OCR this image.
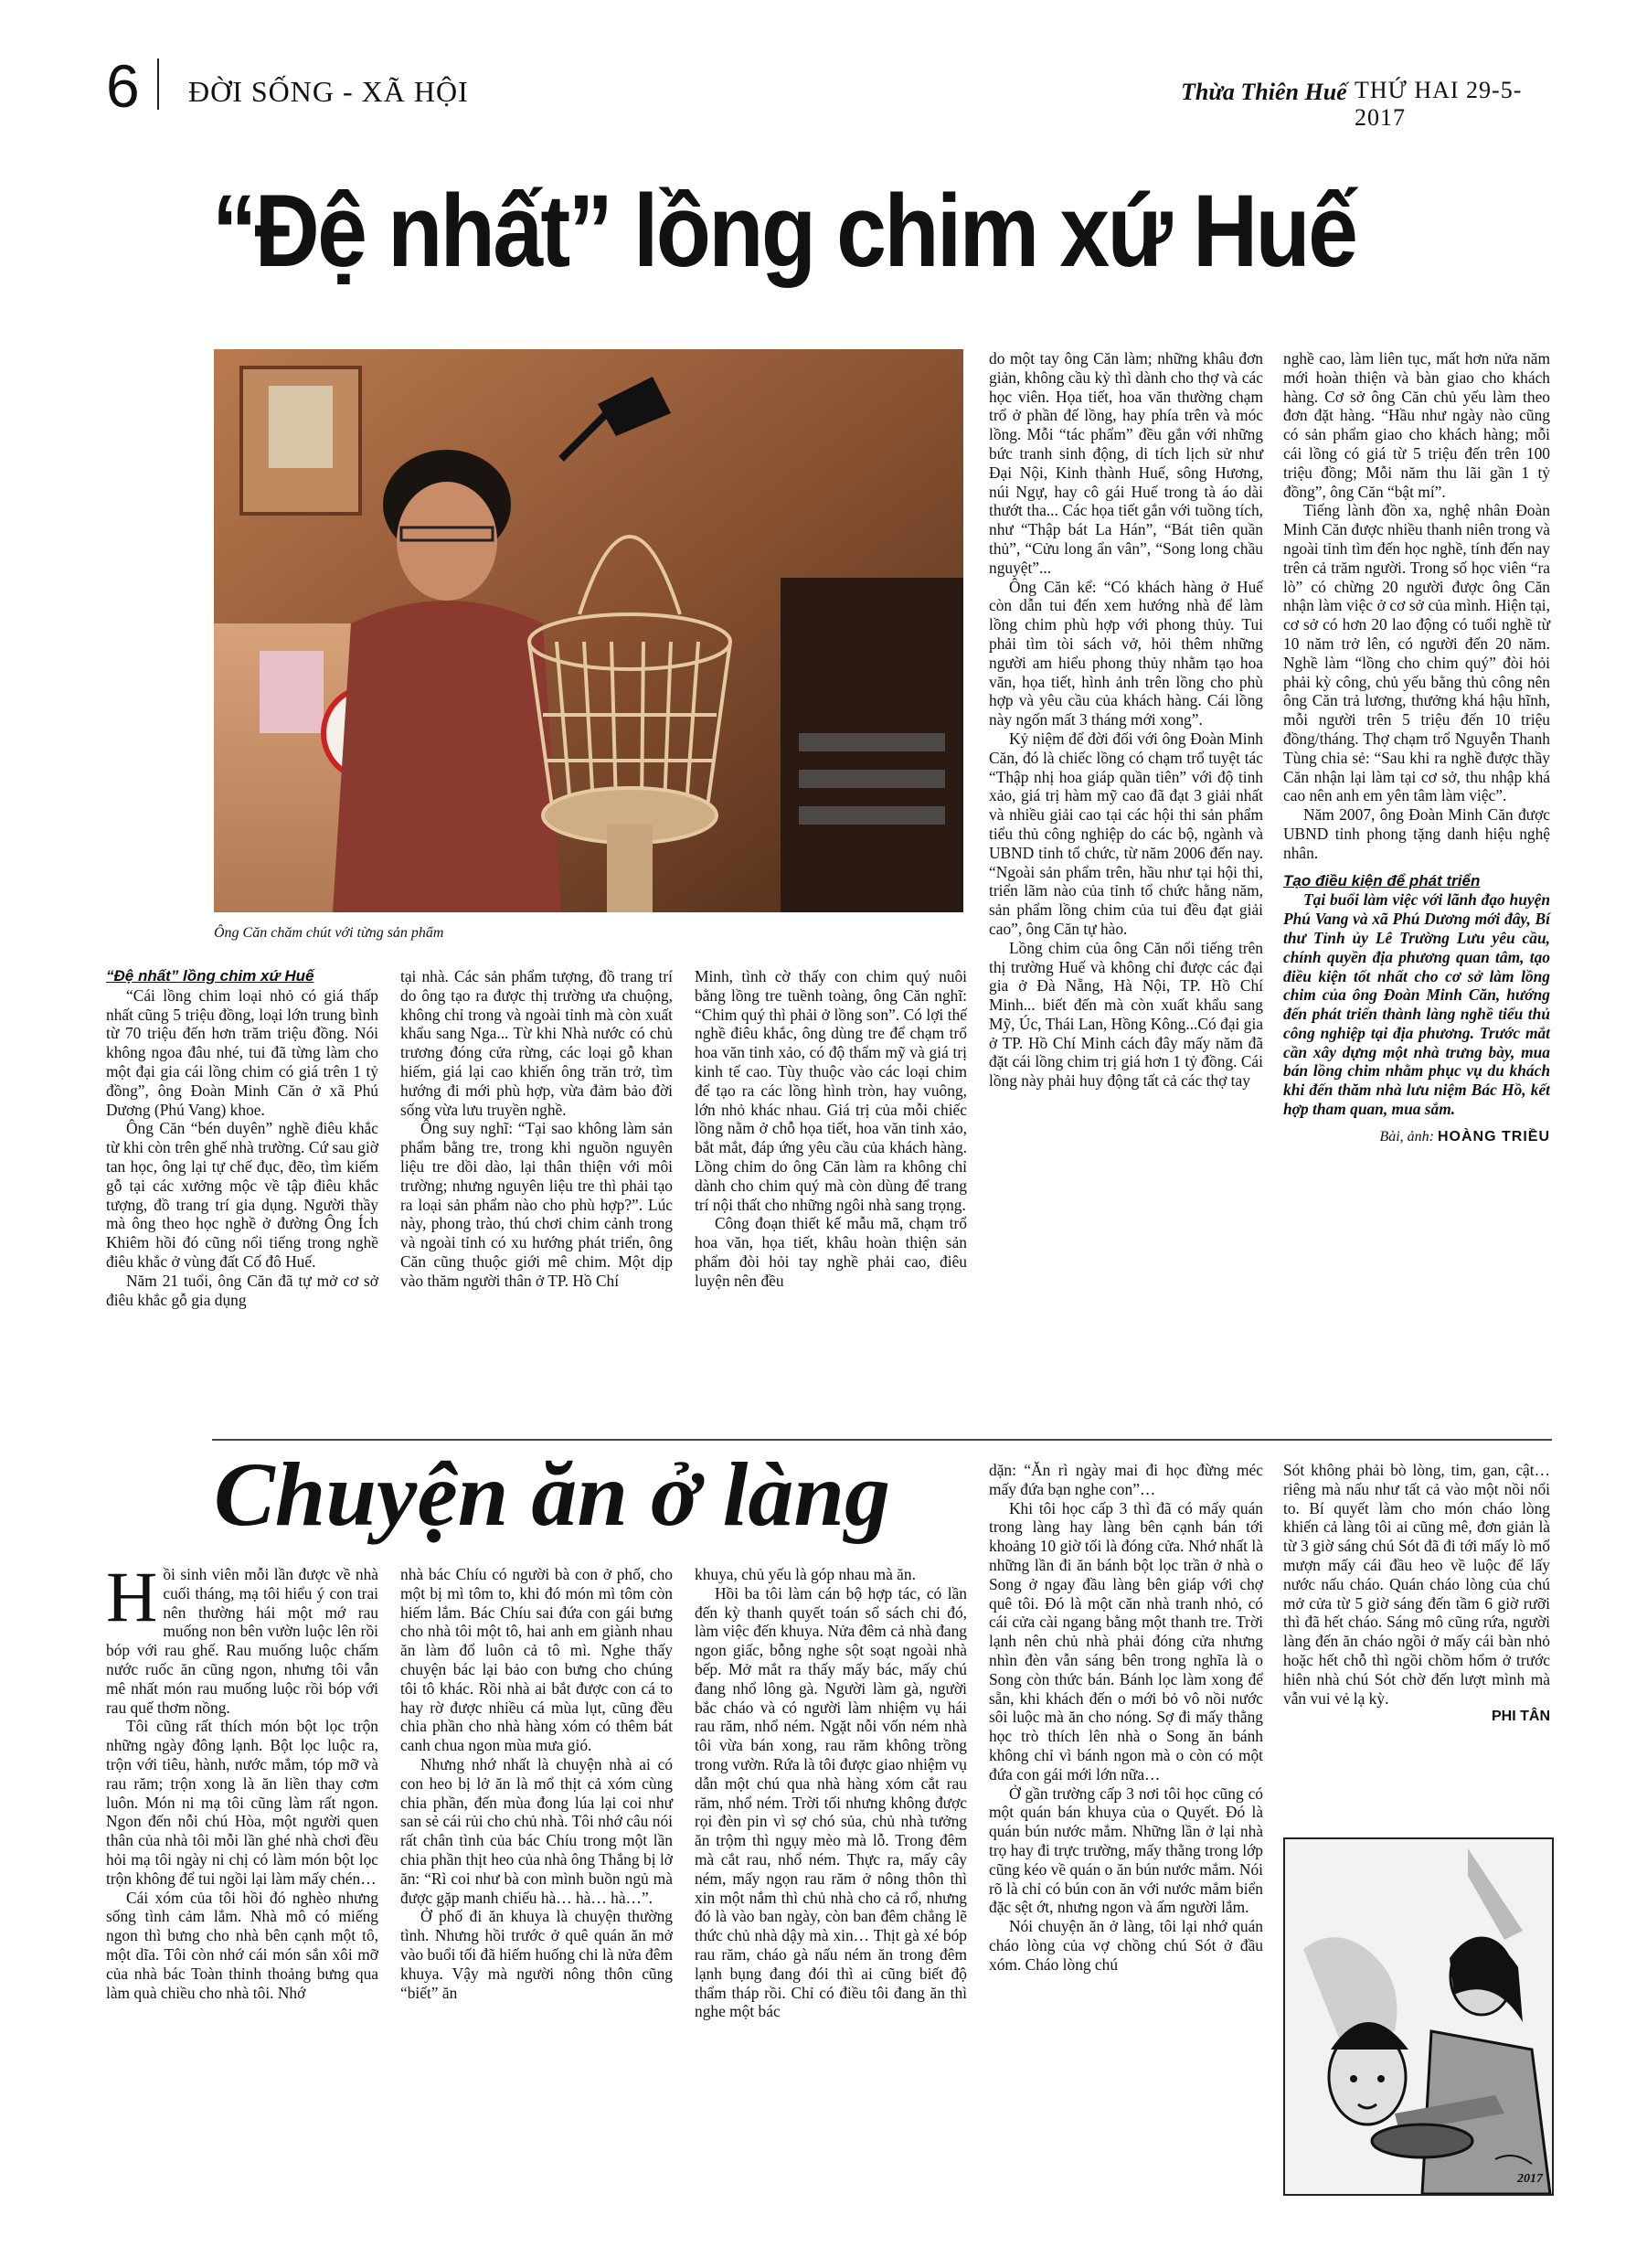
6 ĐỜI SỐNG - XÃ HỘI	Thừa Thiên Huế THỨ HAI 29-5-2017
“Đệ nhất” lồng chim xứ Huế
Ông Căn chăm chút với từng sản phẩm
“Đệ nhất” lồng chim xứ Huế

“Cái lồng chim loại nhỏ có giá thấp nhất cũng 5 triệu đồng, loại lớn trung bình từ 70 triệu đến hơn trăm triệu đồng. Nói không ngoa đâu nhé, tui đã từng làm cho một đại gia cái lồng chim có giá trên 1 tỷ đồng”, ông Đoàn Minh Căn ở xã Phú Dương (Phú Vang) khoe.

Ông Căn “bén duyên” nghề điêu khắc từ khi còn trên ghế nhà trường. Cứ sau giờ tan học, ông lại tự chế đục, đẽo, tìm kiếm gỗ tại các xưởng mộc về tập điêu khắc tượng, đồ trang trí gia dụng. Người thầy mà ông theo học nghề ở đường Ông Ích Khiêm hồi đó cũng nổi tiếng trong nghề điêu khắc ở vùng đất Cố đô Huế.

Năm 21 tuổi, ông Căn đã tự mở cơ sở điêu khắc gỗ gia dụng

tại nhà. Các sản phẩm tượng, đồ trang trí do ông tạo ra được thị trường ưa chuộng, không chỉ trong và ngoài tỉnh mà còn xuất khẩu sang Nga... Từ khi Nhà nước có chủ trương đóng cửa rừng, các loại gỗ khan hiếm, giá lại cao khiến ông trăn trở, tìm hướng đi mới phù hợp, vừa đảm bảo đời sống vừa lưu truyền nghề.

Ông suy nghĩ: “Tại sao không làm sản phẩm bằng tre, trong khi nguồn nguyên liệu tre dồi dào, lại thân thiện với môi trường; nhưng nguyên liệu tre thì phải tạo ra loại sản phẩm nào cho phù hợp?”. Lúc này, phong trào, thú chơi chim cảnh trong và ngoài tỉnh có xu hướng phát triển, ông Căn cũng thuộc giới mê chim. Một dịp vào thăm người thân ở TP. Hồ Chí

Minh, tình cờ thấy con chim quý nuôi bằng lồng tre tuềnh toàng, ông Căn nghĩ: “Chim quý thì phải ở lồng son”. Có lợi thế nghề điêu khắc, ông dùng tre để chạm trổ hoa văn tinh xảo, có độ thẩm mỹ và giá trị kinh tế cao. Tùy thuộc vào các loại chim để tạo ra các lồng hình tròn, hay vuông, lớn nhỏ khác nhau. Giá trị của mỗi chiếc lồng nằm ở chỗ họa tiết, hoa văn tinh xảo, bắt mắt, đáp ứng yêu cầu của khách hàng. Lồng chim do ông Căn làm ra không chỉ dành cho chim quý mà còn dùng để trang trí nội thất cho những ngôi nhà sang trọng.

Công đoạn thiết kế mẫu mã, chạm trổ hoa văn, họa tiết, khâu hoàn thiện sản phẩm đòi hỏi tay nghề phải cao, điêu luyện nên đều

do một tay ông Căn làm; những khâu đơn giản, không cầu kỳ thì dành cho thợ và các học viên. Họa tiết, hoa văn thường chạm trổ ở phần đế lồng, hay phía trên và móc lồng. Mỗi “tác phẩm” đều gắn với những bức tranh sinh động, di tích lịch sử như Đại Nội, Kinh thành Huế, sông Hương, núi Ngự, hay cô gái Huế trong tà áo dài thướt tha... Các họa tiết gắn với tuồng tích, như “Thập bát La Hán”, “Bát tiên quần thủ”, “Cửu long ẩn vân”, “Song long chầu nguyệt”...

Ông Căn kể: “Có khách hàng ở Huế còn dẫn tui đến xem hướng nhà để làm lồng chim phù hợp với phong thủy. Tui phải tìm tòi sách vở, hỏi thêm những người am hiểu phong thủy nhằm tạo hoa văn, họa tiết, hình ảnh trên lồng cho phù hợp và yêu cầu của khách hàng. Cái lồng này ngốn mất 3 tháng mới xong”.

Kỷ niệm để đời đối với ông Đoàn Minh Căn, đó là chiếc lồng có chạm trổ tuyệt tác “Thập nhị hoa giáp quần tiên” với độ tinh xảo, giá trị hàm mỹ cao đã đạt 3 giải nhất và nhiều giải cao tại các hội thi sản phẩm tiểu thủ công nghiệp do các bộ, ngành và UBND tỉnh tổ chức, từ năm 2006 đến nay. “Ngoài sản phẩm trên, hầu như tại hội thi, triển lãm nào của tỉnh tổ chức hằng năm, sản phẩm lồng chim của tui đều đạt giải cao”, ông Căn tự hào.

Lồng chim của ông Căn nổi tiếng trên thị trường Huế và không chỉ được các đại gia ở Đà Nẵng, Hà Nội, TP. Hồ Chí Minh... biết đến mà còn xuất khẩu sang Mỹ, Úc, Thái Lan, Hồng Kông...Có đại gia ở TP. Hồ Chí Minh cách đây mấy năm đã đặt cái lồng chim trị giá hơn 1 tỷ đồng. Cái lồng này phải huy động tất cả các thợ tay

nghề cao, làm liên tục, mất hơn nửa năm mới hoàn thiện và bàn giao cho khách hàng. Cơ sở ông Căn chủ yếu làm theo đơn đặt hàng. “Hầu như ngày nào cũng có sản phẩm giao cho khách hàng; mỗi cái lồng có giá từ 5 triệu đến trên 100 triệu đồng; Mỗi năm thu lãi gần 1 tỷ đồng”, ông Căn “bật mí”.

Tiếng lành đồn xa, nghệ nhân Đoàn Minh Căn được nhiều thanh niên trong và ngoài tỉnh tìm đến học nghề, tính đến nay trên cả trăm người. Trong số học viên “ra lò” có chừng 20 người được ông Căn nhận làm việc ở cơ sở của mình. Hiện tại, cơ sở có hơn 20 lao động có tuổi nghề từ 10 năm trở lên, có người đến 20 năm. Nghề làm “lồng cho chim quý” đòi hỏi phải kỳ công, chủ yếu bằng thủ công nên ông Căn trả lương, thưởng khá hậu hĩnh, mỗi người trên 5 triệu đến 10 triệu đồng/tháng. Thợ chạm trổ Nguyễn Thanh Tùng chia sẻ: “Sau khi ra nghề được thầy Căn nhận lại làm tại cơ sở, thu nhập khá cao nên anh em yên tâm làm việc”.

Năm 2007, ông Đoàn Minh Căn được UBND tỉnh phong tặng danh hiệu nghệ nhân.

Tạo điều kiện để phát triển

Tại buổi làm việc với lãnh đạo huyện Phú Vang và xã Phú Dương mới đây, Bí thư Tỉnh ủy Lê Trường Lưu yêu cầu, chính quyền địa phương quan tâm, tạo điều kiện tốt nhất cho cơ sở làm lồng chim của ông Đoàn Minh Căn, hướng đến phát triển thành làng nghề tiểu thủ công nghiệp tại địa phương. Trước mắt cần xây dựng một nhà trưng bày, mua bán lồng chim nhằm phục vụ du khách khi đến thăm nhà lưu niệm Bác Hồ, kết hợp tham quan, mua sắm.

Bài, ảnh: HOÀNG TRIỀU

Chuyện ăn ở làng

Hồi sinh viên mỗi lần được về nhà cuối tháng, mạ tôi hiểu ý con trai nên thường hái một mớ rau muống non bên vườn luộc lên rồi bóp với rau ghế. Rau muống luộc chấm nước ruốc ăn cũng ngon, nhưng tôi vẫn mê nhất món rau muống luộc rồi bóp với rau quế thơm nồng.

Tôi cũng rất thích món bột lọc trộn những ngày đông lạnh. Bột lọc luộc ra, trộn với tiêu, hành, nước mắm, tóp mỡ và rau răm; trộn xong là ăn liền thay cơm luôn. Món ni mạ tôi cũng làm rất ngon. Ngon đến nỗi chú Hòa, một người quen thân của nhà tôi mỗi lần ghé nhà chơi đều hỏi mạ tôi ngày ni chị có làm món bột lọc trộn không để tui ngồi lại làm mấy chén…

Cái xóm của tôi hồi đó nghèo nhưng sống tình cảm lắm. Nhà mô có miếng ngon thì bưng cho nhà bên cạnh một tô, một dĩa. Tôi còn nhớ cái món sắn xôi mỡ của nhà bác Toàn thỉnh thoảng bưng qua làm quà chiều cho nhà tôi. Nhớ

nhà bác Chíu có người bà con ở phố, cho một bị mì tôm to, khi đó món mì tôm còn hiếm lắm. Bác Chíu sai đứa con gái bưng cho nhà tôi một tô, hai anh em giành nhau ăn làm đổ luôn cả tô mì. Nghe thấy chuyện bác lại bảo con bưng cho chúng tôi tô khác. Rồi nhà ai bắt được con cá to hay rờ được nhiều cá mùa lụt, cũng đều chia phần cho nhà hàng xóm có thêm bát canh chua ngon mùa mưa gió.

Nhưng nhớ nhất là chuyện nhà ai có con heo bị lở ăn là mổ thịt cả xóm cùng chia phần, đến mùa đong lúa lại coi như san sẻ cái rủi cho chủ nhà. Tôi nhớ câu nói rất chân tình của bác Chíu trong một lần chia phần thịt heo của nhà ông Thắng bị lở ăn: “Rì coi như bà con mình buồn ngủ mà được gặp manh chiếu hà… hà… hà…”.

Ở phố đi ăn khuya là chuyện thường tình. Nhưng hồi trước ở quê quán ăn mở vào buổi tối đã hiếm huống chi là nửa đêm khuya. Vậy mà người nông thôn cũng “biết” ăn

khuya, chủ yếu là góp nhau mà ăn.

Hồi ba tôi làm cán bộ hợp tác, có lần đến kỳ thanh quyết toán sổ sách chi đó, làm việc đến khuya. Nửa đêm cả nhà đang ngon giấc, bỗng nghe sột soạt ngoài nhà bếp. Mở mắt ra thấy mấy bác, mấy chú đang nhổ lông gà. Người làm gà, người bắc cháo và có người làm nhiệm vụ hái rau răm, nhổ ném. Ngặt nỗi vốn ném nhà tôi vừa bán xong, rau răm không trồng trong vườn. Rứa là tôi được giao nhiệm vụ dẫn một chú qua nhà hàng xóm cắt rau răm, nhổ ném. Trời tối nhưng không được rọi đèn pin vì sợ chó sủa, chủ nhà tưởng ăn trộm thì ngụy mèo mà lỗ. Trong đêm mà cắt rau, nhổ ném. Thực ra, mấy cây ném, mấy ngọn rau răm ở nông thôn thì xin một nắm thì chủ nhà cho cả rổ, nhưng đó là vào ban ngày, còn ban đêm chẳng lẽ thức chủ nhà dậy mà xin… Thịt gà xé bóp rau răm, cháo gà nấu ném ăn trong đêm lạnh bụng đang đói thì ai cũng biết độ thẩm tháp rồi. Chỉ có điều tôi đang ăn thì nghe một bác

dặn: “Ăn rì ngày mai đi học đừng méc mấy đứa bạn nghe con”…

Khi tôi học cấp 3 thì đã có mấy quán trong làng hay làng bên cạnh bán tới khoảng 10 giờ tối là đóng cửa. Nhớ nhất là những lần đi ăn bánh bột lọc trần ở nhà o Song ở ngay đầu làng bên giáp với chợ quê tôi. Đó là một căn nhà tranh nhỏ, có cái cửa cài ngang bằng một thanh tre. Trời lạnh nên chủ nhà phải đóng cửa nhưng nhìn đèn vẫn sáng bên trong nghĩa là o Song còn thức bán. Bánh lọc làm xong để sẵn, khi khách đến o mới bỏ vô nồi nước sôi luộc mà ăn cho nóng. Sợ đi mấy thằng học trò thích lên nhà o Song ăn bánh không chỉ vì bánh ngon mà o còn có một đứa con gái mới lớn nữa…

Ở gần trường cấp 3 nơi tôi học cũng có một quán bán khuya của o Quyết. Đó là quán bún nước mắm. Những lần ở lại nhà trọ hay đi trực trường, mấy thằng trong lớp cũng kéo về quán o ăn bún nước mắm. Nói rõ là chỉ có bún con ăn với nước mắm biển đặc sệt ớt, nhưng ngon và ấm người lắm.

Nói chuyện ăn ở làng, tôi lại nhớ quán cháo lòng của vợ chồng chú Sót ở đầu xóm. Cháo lòng chú

Sót không phải bò lòng, tim, gan, cật… riêng mà nấu như tất cả vào một nồi nổi to. Bí quyết làm cho món cháo lòng khiến cả làng tôi ai cũng mê, đơn giản là từ 3 giờ sáng chú Sót đã đi tới mấy lò mổ mượn mấy cái đầu heo về luộc để lấy nước nấu cháo. Quán cháo lòng của chú mở cửa từ 5 giờ sáng đến tầm 6 giờ rưỡi thì đã hết cháo. Sáng mô cũng rứa, người làng đến ăn cháo ngồi ở mấy cái bàn nhỏ hoặc hết chỗ thì ngồi chồm hổm ở trước hiên nhà chú Sót chờ đến lượt mình mà vẫn vui vẻ lạ kỳ.

PHI TÂN

2017
